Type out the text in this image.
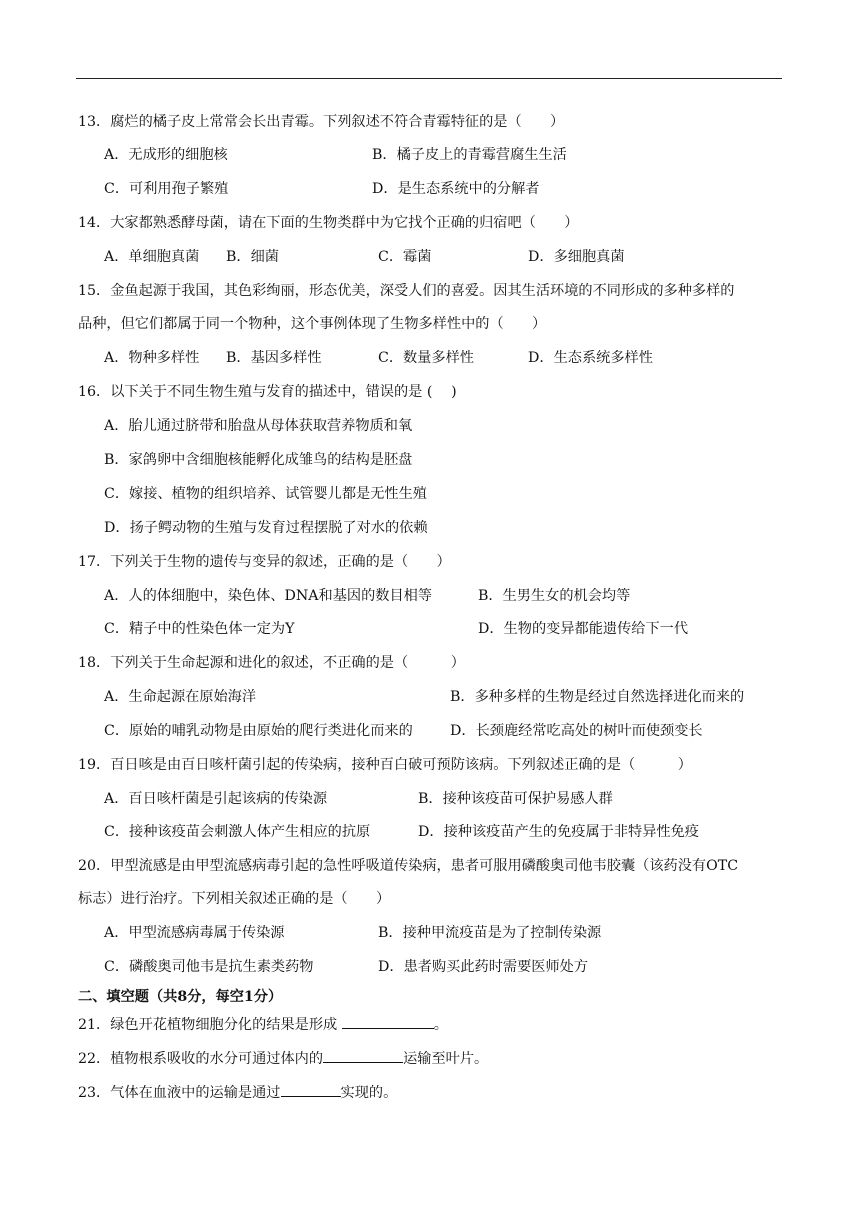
13．腐烂的橘子皮上常常会长出青霉。下列叙述不符合青霉特征的是（　　）
A．无成形的细胞核	B．橘子皮上的青霉营腐生生活
C．可利用孢子繁殖	D．是生态系统中的分解者
14．大家都熟悉酵母菌，请在下面的生物类群中为它找个正确的归宿吧（　　）
A．单细胞真菌 B．细菌	C．霉菌	D．多细胞真菌
15．金鱼起源于我国，其色彩绚丽，形态优美，深受人们的喜爱。因其生活环境的不同形成的多种多样的
品种，但它们都属于同一个物种，这个事例体现了生物多样性中的（　　）
A．物种多样性 B．基因多样性	C．数量多样性	D．生态系统多样性
16．以下关于不同生物生殖与发育的描述中，错误的是 (　 )
A．胎儿通过脐带和胎盘从母体获取营养物质和氧
B．家鸽卵中含细胞核能孵化成雏鸟的结构是胚盘
C．嫁接、植物的组织培养、试管婴儿都是无性生殖
D．扬子鳄动物的生殖与发育过程摆脱了对水的依赖
17．下列关于生物的遗传与变异的叙述，正确的是（　　）
A．人的体细胞中，染色体、DNA和基因的数目相等	B．生男生女的机会均等
C．精子中的性染色体一定为Y	D．生物的变异都能遗传给下一代
18．下列关于生命起源和进化的叙述，不正确的是（　　　）
A．生命起源在原始海洋	B．多种多样的生物是经过自然选择进化而来的
C．原始的哺乳动物是由原始的爬行类进化而来的	D．长颈鹿经常吃高处的树叶而使颈变长
19．百日咳是由百日咳杆菌引起的传染病，接种百白破可预防该病。下列叙述正确的是（　　　）
A．百日咳杆菌是引起该病的传染源	B．接种该疫苗可保护易感人群
C．接种该疫苗会刺激人体产生相应的抗原	D．接种该疫苗产生的免疫属于非特异性免疫
20．甲型流感是由甲型流感病毒引起的急性呼吸道传染病，患者可服用磷酸奥司他韦胶囊（该药没有OTC
标志）进行治疗。下列相关叙述正确的是（　　）
A．甲型流感病毒属于传染源	B．接种甲流疫苗是为了控制传染源
C．磷酸奥司他韦是抗生素类药物	D．患者购买此药时需要医师处方
二、填空题（共8分，每空1分）
21．绿色开花植物细胞分化的结果是形成	。
22．植物根系吸收的水分可通过体内的	运输至叶片。
23．气体在血液中的运输是通过	实现的。
